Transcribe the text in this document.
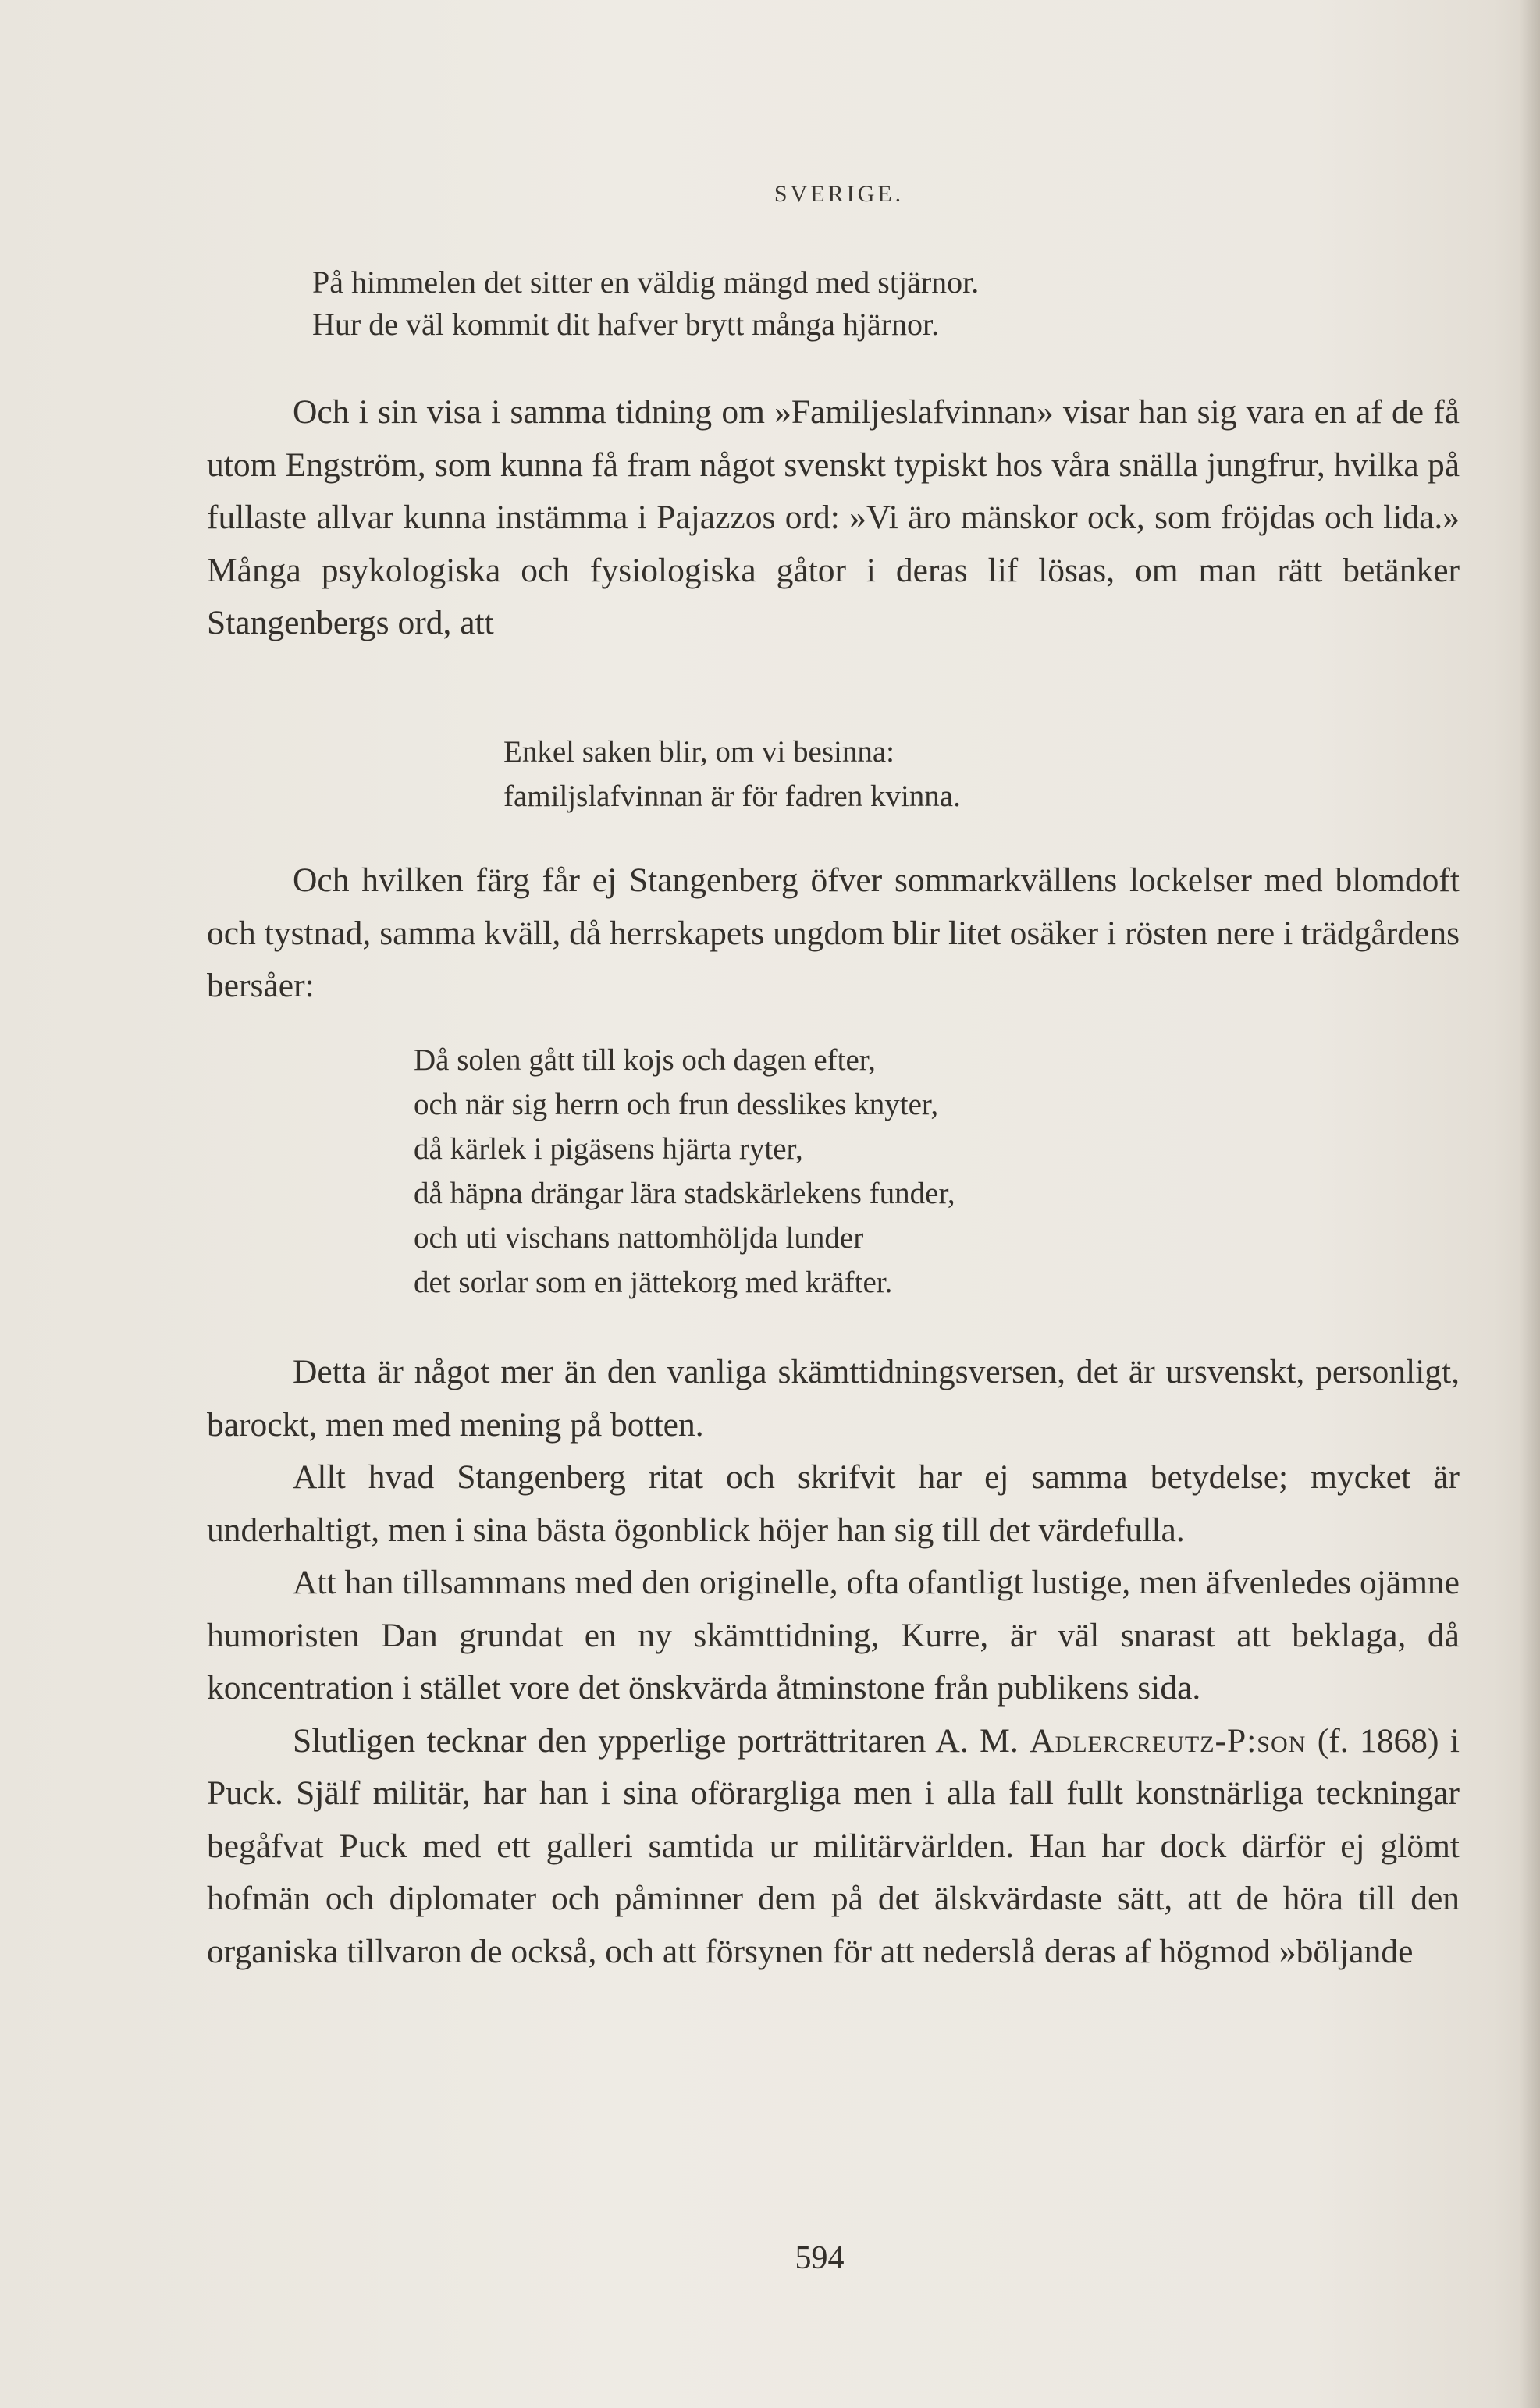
SVERIGE.
På himmelen det sitter en väldig mängd med stjärnor.
Hur de väl kommit dit hafver brytt många hjärnor.

Och i sin visa i samma tidning om »Familjeslafvinnan» visar han sig vara en af de få utom Engström, som kunna få fram något svenskt typiskt hos våra snälla jungfrur, hvilka på fullaste allvar kunna instämma i Pajazzos ord: »Vi äro mänskor ock, som fröjdas och lida.» Många psykologiska och fysiologiska gåtor i deras lif lösas, om man rätt betänker Stangenbergs ord, att

Enkel saken blir, om vi besinna:
familjslafvinnan är för fadren kvinna.

Och hvilken färg får ej Stangenberg öfver sommarkvällens lockelser med blomdoft och tystnad, samma kväll, då herrskapets ungdom blir litet osäker i rösten nere i trädgårdens bersåer:

Då solen gått till kojs och dagen efter,
och när sig herrn och frun desslikes knyter,
då kärlek i pigäsens hjärta ryter,
då häpna drängar lära stadskärlekens funder,
och uti vischans nattomhöljda lunder
det sorlar som en jättekorg med kräfter.

Detta är något mer än den vanliga skämttidningsversen, det är ursvenskt, personligt, barockt, men med mening på botten.

Allt hvad Stangenberg ritat och skrifvit har ej samma betydelse; mycket är underhaltigt, men i sina bästa ögonblick höjer han sig till det värdefulla.

Att han tillsammans med den originelle, ofta ofantligt lustige, men äfvenledes ojämne humoristen Dan grundat en ny skämttidning, Kurre, är väl snarast att beklaga, då koncentration i stället vore det önskvärda åtminstone från publikens sida.

Slutligen tecknar den ypperlige porträttritaren A. M. Adlercreutz-P:son (f. 1868) i Puck. Själf militär, har han i sina oförargliga men i alla fall fullt konstnärliga teckningar begåfvat Puck med ett galleri samtida ur militärvärlden. Han har dock därför ej glömt hofmän och diplomater och påminner dem på det älskvärdaste sätt, att de höra till den organiska tillvaron de också, och att försynen för att nederslå deras af högmod »böljande

594
